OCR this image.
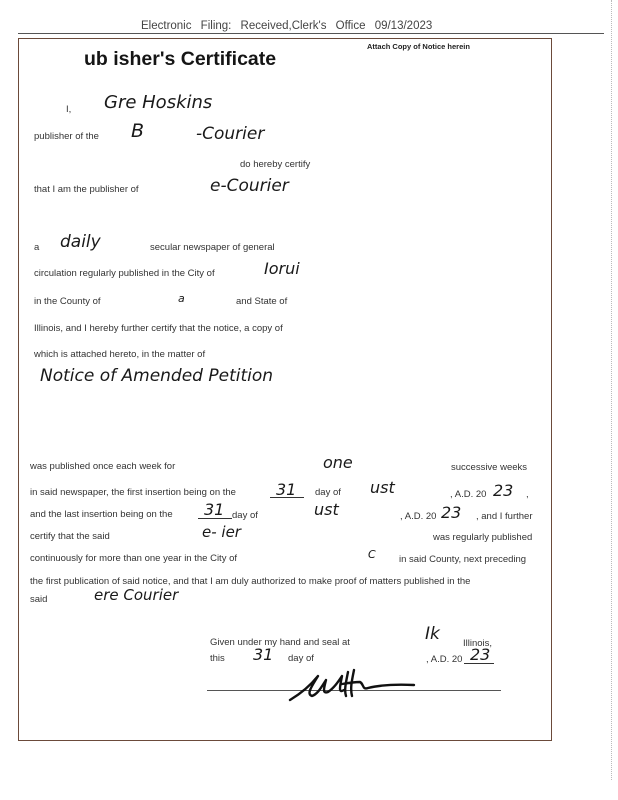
Electronic Filing: Received,Clerk's Office 09/13/2023
Attach Copy of Notice herein
ub isher's Certificate
I, Gre Hoskins
publisher of the B	-Courier
do hereby certify
that I am the publisher of	e-Courier
a daily	secular newspaper of general
circulation regularly published in the City of	Iorui
in the County of	a	and State of
Illinois, and I hereby further certify that the notice, a copy of
which is attached hereto, in the matter of
Notice of Amended Petition
was published once each week for	one	successive weeks
in said newspaper, the first insertion being on the	31 day of ust	, A.D. 20 23 ,
and the last insertion being on the 31 day of	ust	, A.D. 20 23 , and I further
certify that the said	e- ier	was regularly published
continuously for more than one year in the City of	C in said County, next preceding
the first publication of said notice, and that I am duly authorized to make proof of matters published in the
said	ere Courier
Given under my hand and seal at	Ik Illinois,
this 31 day of	, A.D. 20 23
